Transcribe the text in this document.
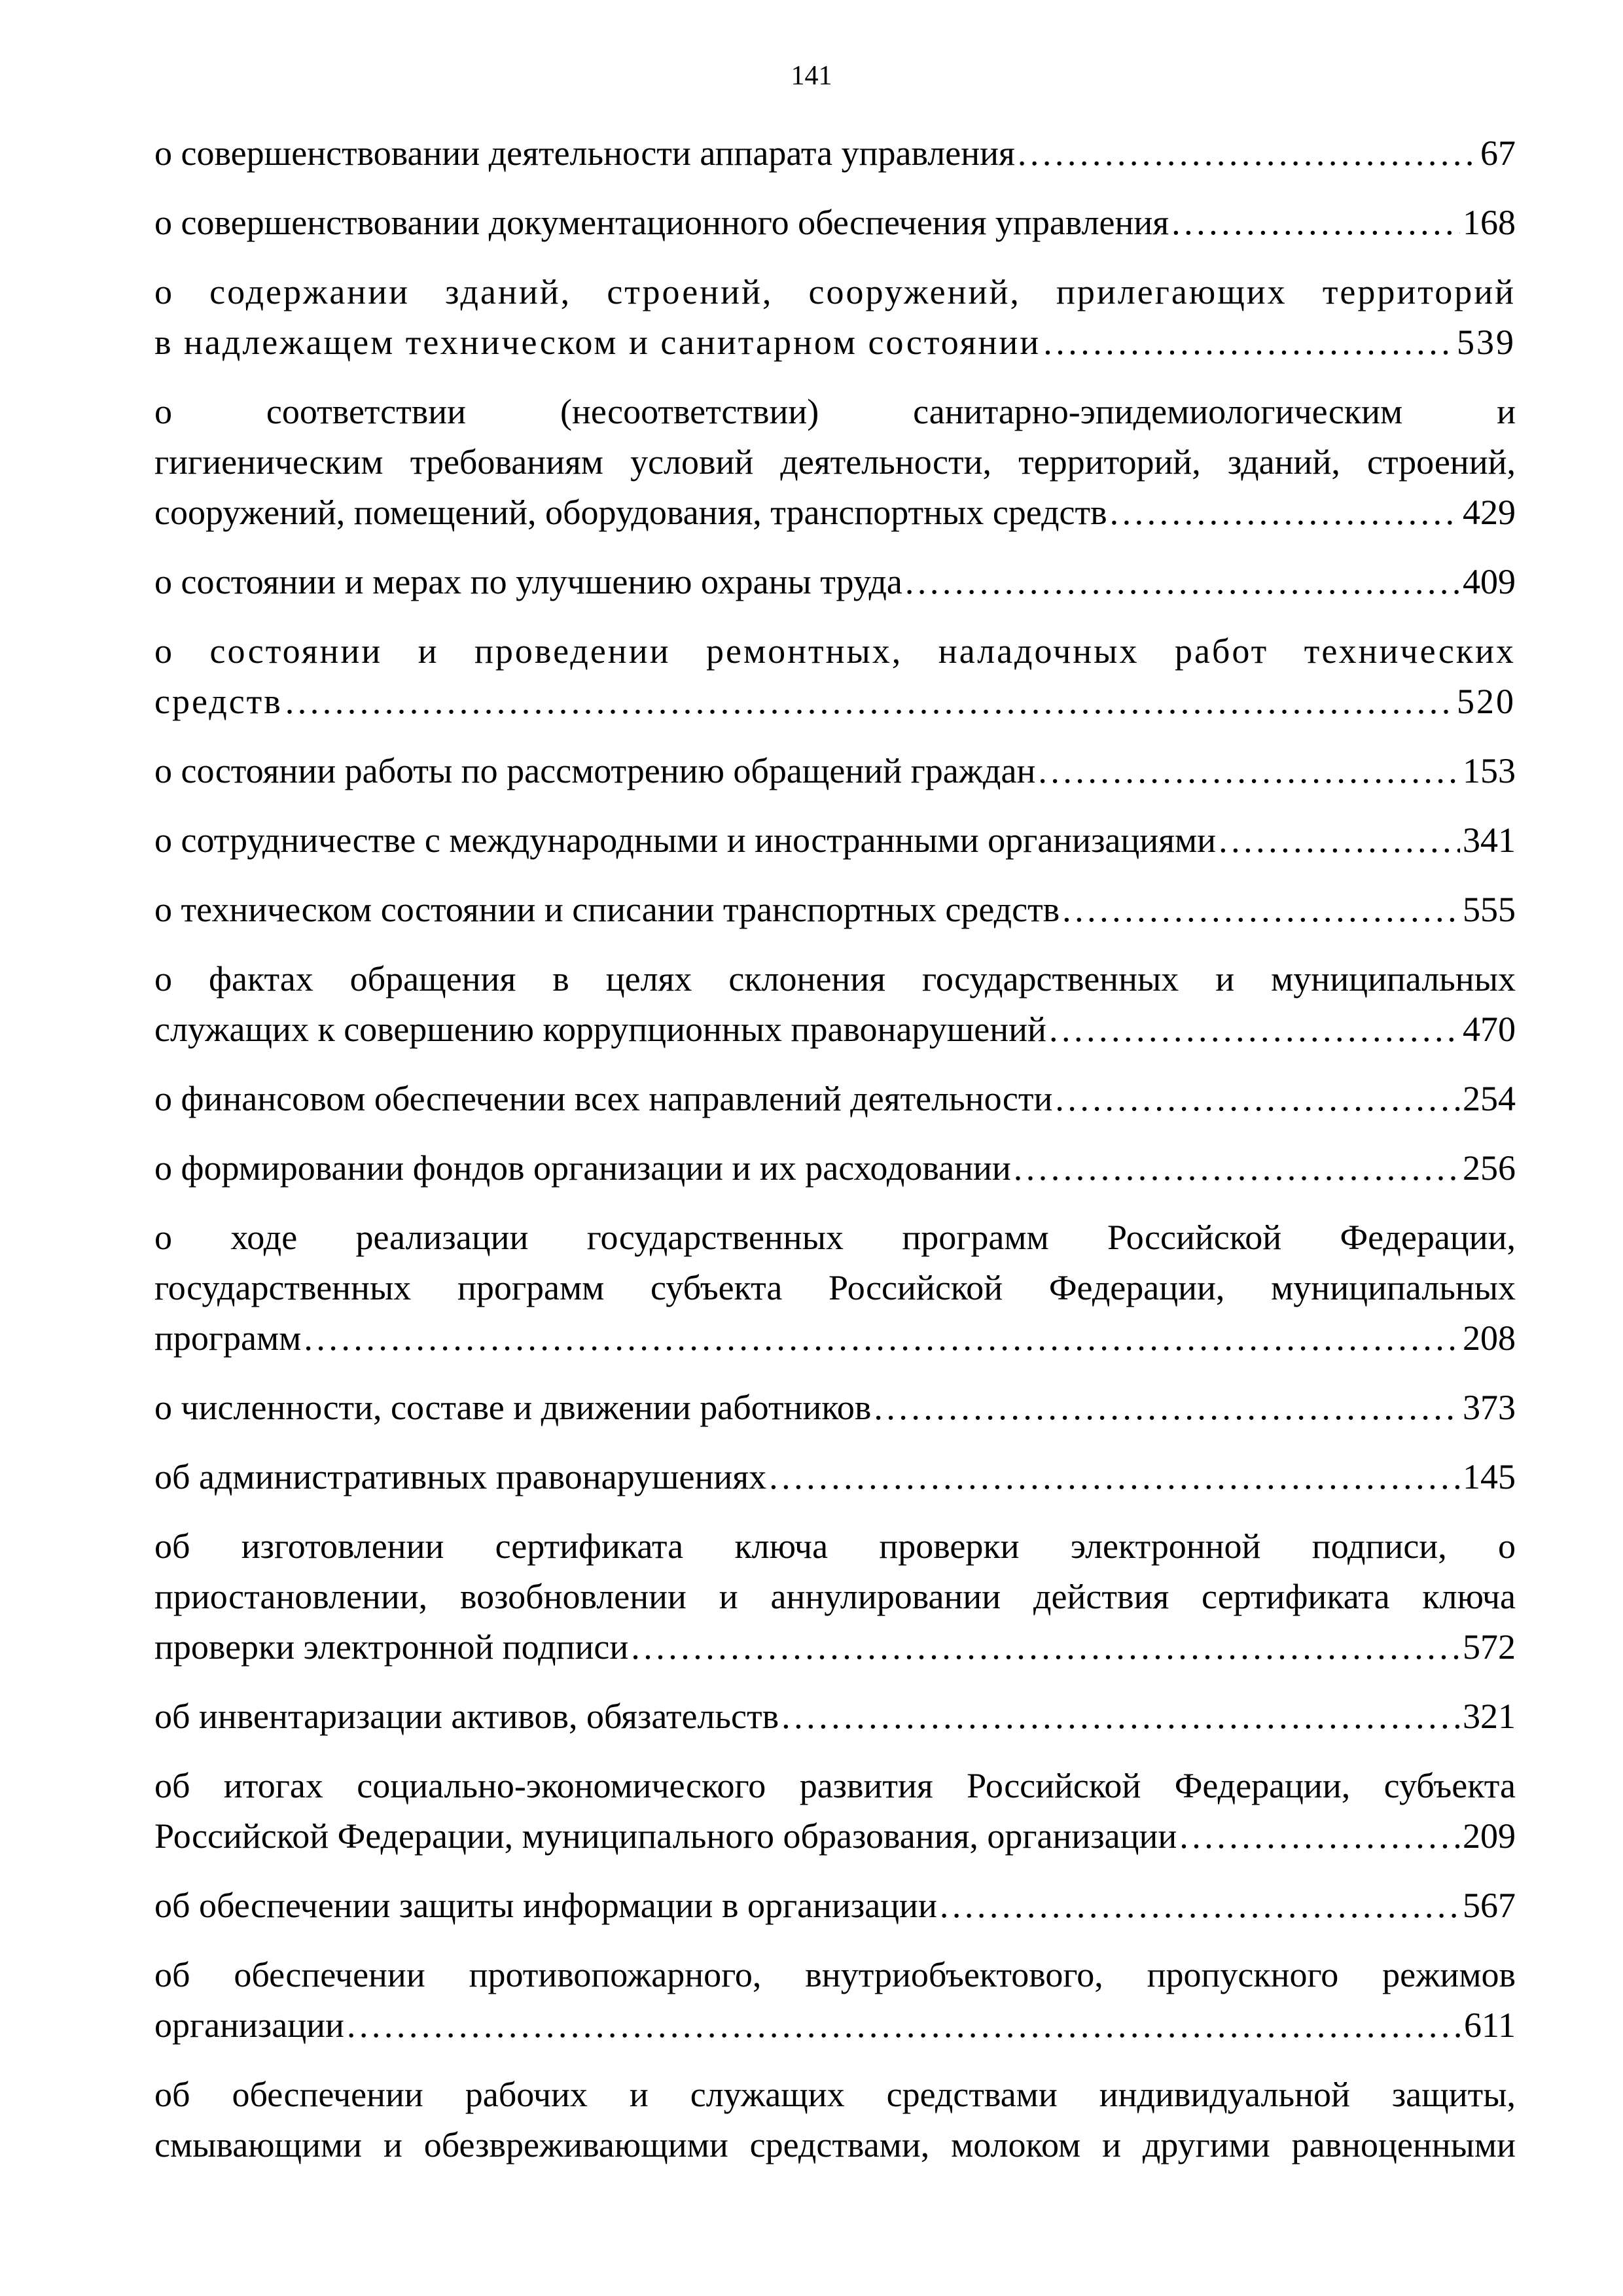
141
о совершенствовании деятельности аппарата управления . . .	67
о совершенствовании документационного обеспечения управления . . .	168
о содержании зданий, строений, сооружений, прилегающих территорий
в надлежащем техническом и санитарном состоянии . . .	539
о соответствии (несоответствии) санитарно-эпидемиологическим и
гигиеническим требованиям условий деятельности, территорий, зданий, строений,
сооружений, помещений, оборудования, транспортных средств . . .	429
о состоянии и мерах по улучшению охраны труда . . .	409
о состоянии и проведении ремонтных, наладочных работ технических
средств . . .	520
о состоянии работы по рассмотрению обращений граждан . . .	153
о сотрудничестве с международными и иностранными организациями . . .	341
о техническом состоянии и списании транспортных средств . . .	555
о фактах обращения в целях склонения государственных и муниципальных
служащих к совершению коррупционных правонарушений . . .	470
о финансовом обеспечении всех направлений деятельности . . .	254
о формировании фондов организации и их расходовании . . .	256
о ходе реализации государственных программ Российской Федерации,
государственных программ субъекта Российской Федерации, муниципальных
программ . . .	208
о численности, составе и движении работников . . .	373
об административных правонарушениях . . .	145
об изготовлении сертификата ключа проверки электронной подписи, о
приостановлении, возобновлении и аннулировании действия сертификата ключа
проверки электронной подписи . . .	572
об инвентаризации активов, обязательств . . .	321
об итогах социально-экономического развития Российской Федерации, субъекта
Российской Федерации, муниципального образования, организации . . .	209
об обеспечении защиты информации в организации . . .	567
об обеспечении противопожарного, внутриобъектового, пропускного режимов
организации . . .	611
об обеспечении рабочих и служащих средствами индивидуальной защиты,
смывающими и обезвреживающими средствами, молоком и другими равноценными
